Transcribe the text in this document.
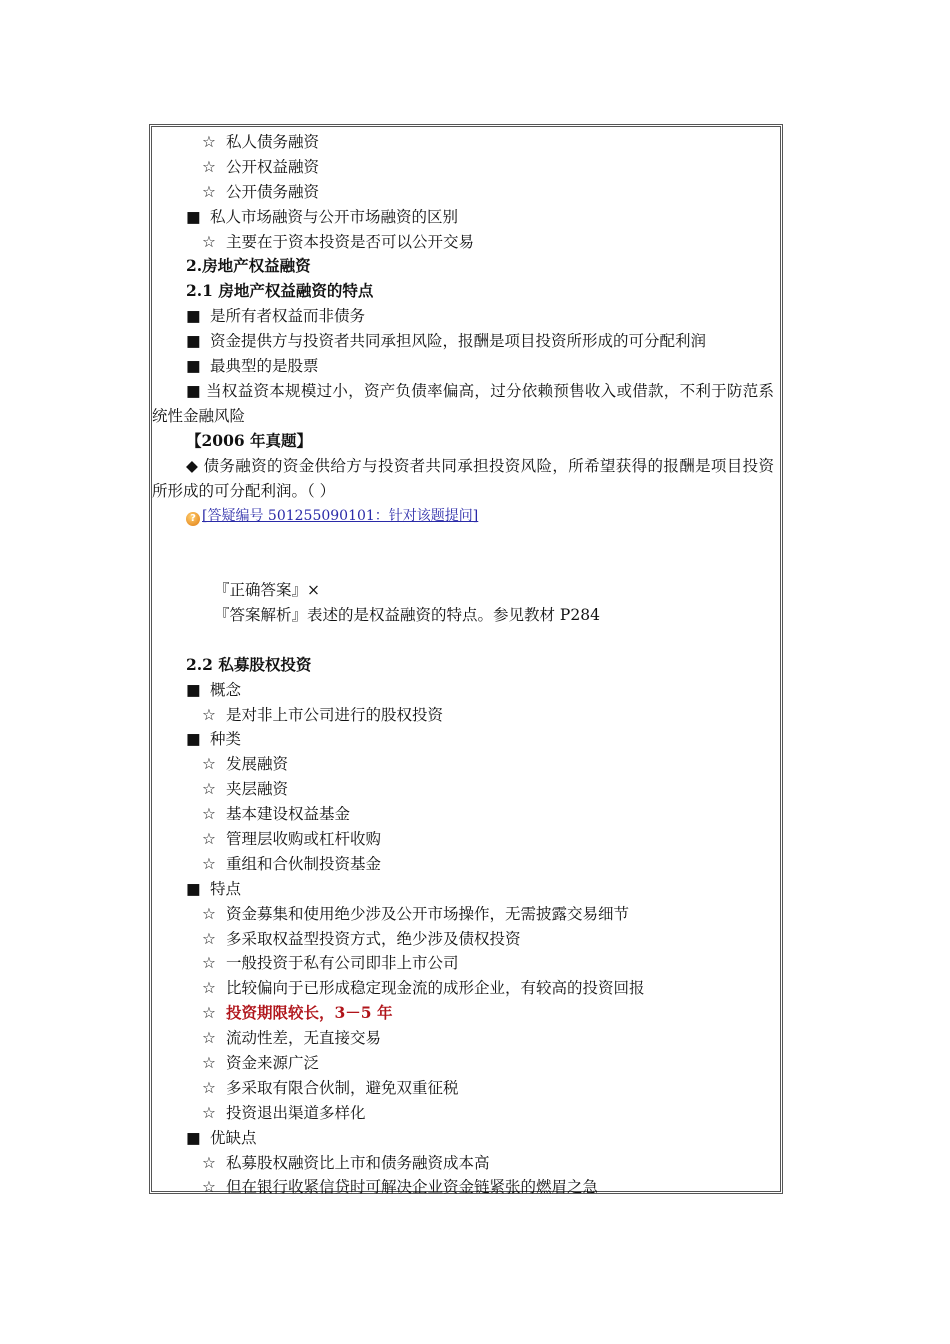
☆ 私人债务融资
☆ 公开权益融资
☆ 公开债务融资
■ 私人市场融资与公开市场融资的区别
☆ 主要在于资本投资是否可以公开交易
2.房地产权益融资
2.1 房地产权益融资的特点
■ 是所有者权益而非债务
■ 资金提供方与投资者共同承担风险，报酬是项目投资所形成的可分配利润
■ 最典型的是股票
■ 当权益资本规模过小，资产负债率偏高，过分依赖预售收入或借款，不利于防范系统性金融风险
【2006 年真题】
◆ 债务融资的资金供给方与投资者共同承担投资风险，所希望获得的报酬是项目投资所形成的可分配利润。（ ）
? [答疑编号 501255090101：针对该题提问]
『正确答案』×
『答案解析』表述的是权益融资的特点。参见教材 P284
2.2 私募股权投资
■ 概念
☆ 是对非上市公司进行的股权投资
■ 种类
☆ 发展融资
☆ 夹层融资
☆ 基本建设权益基金
☆ 管理层收购或杠杆收购
☆ 重组和合伙制投资基金
■ 特点
☆ 资金募集和使用绝少涉及公开市场操作，无需披露交易细节
☆ 多采取权益型投资方式，绝少涉及债权投资
☆ 一般投资于私有公司即非上市公司
☆ 比较偏向于已形成稳定现金流的成形企业，有较高的投资回报
☆ 投资期限较长，3－5 年
☆ 流动性差，无直接交易
☆ 资金来源广泛
☆ 多采取有限合伙制，避免双重征税
☆ 投资退出渠道多样化
■ 优缺点
☆ 私募股权融资比上市和债务融资成本高
☆ 但在银行收紧信贷时可解决企业资金链紧张的燃眉之急
